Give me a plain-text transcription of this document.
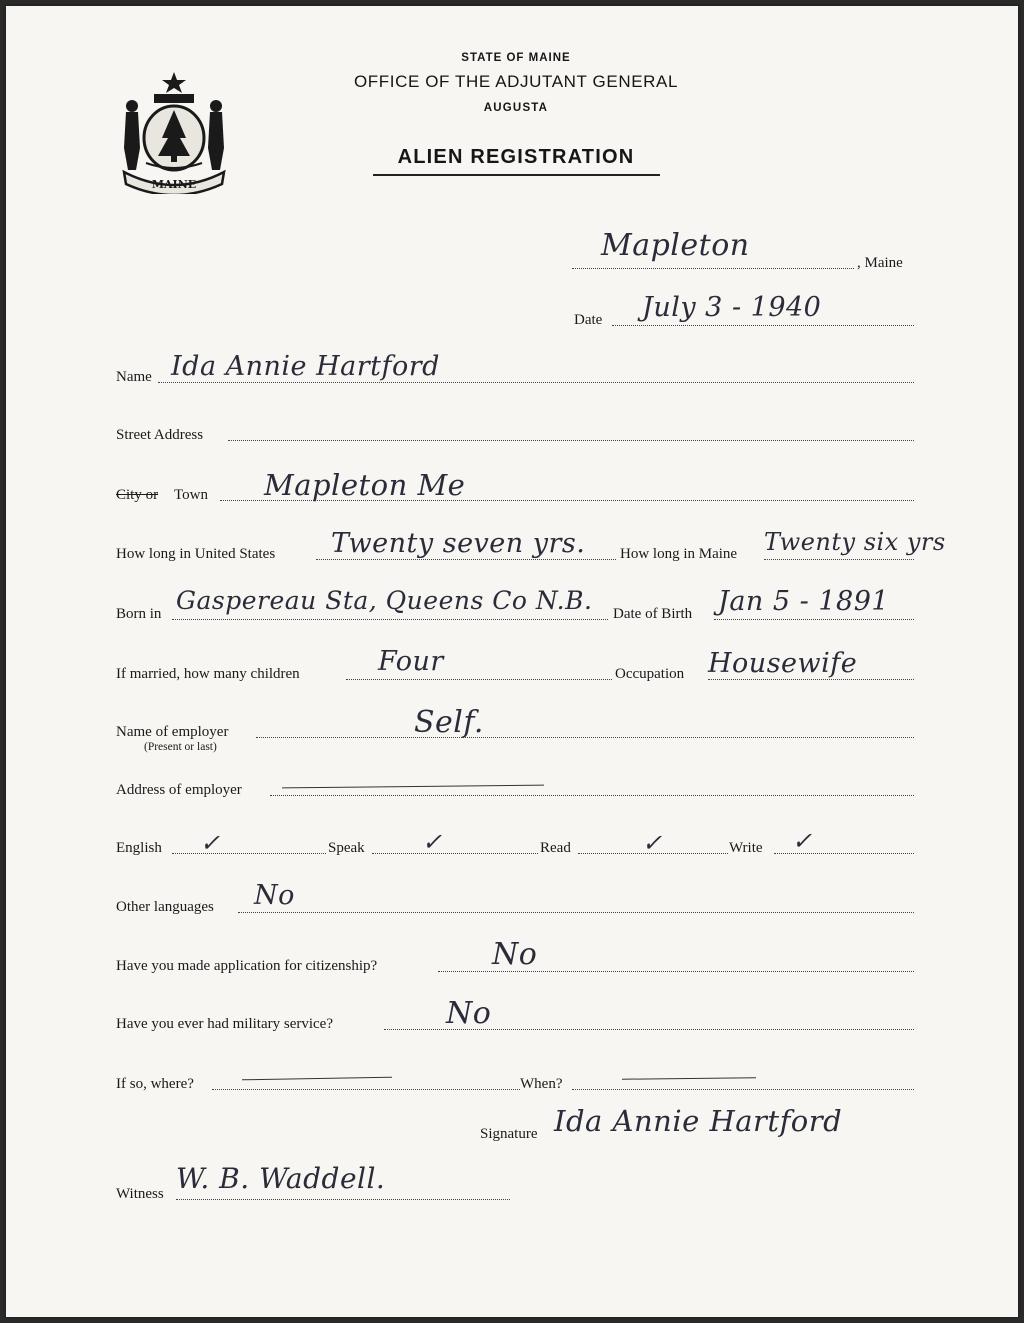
MAINE
STATE OF MAINE
OFFICE OF THE ADJUTANT GENERAL
AUGUSTA
ALIEN REGISTRATION
Mapleton	, Maine
Date July 3 - 1940
Name Ida Annie Hartford
Street Address
City or Town Mapleton Me
How long in United States Twenty seven yrs. How long in Maine Twenty six yrs
Born in Gaspereau Sta, Queens Co N.B. Date of Birth Jan 5 - 1891
If married, how many children	Four	Occupation Housewife
Name of employer
(Present or last)
Self.
Address of employer
English ✓	Speak ✓	Read	✓	Write ✓
Other languages No
Have you made application for citizenship?	No
Have you ever had military service?	No
If so, where?	When?
Signature Ida Annie Hartford
Witness W. B. Waddell.
